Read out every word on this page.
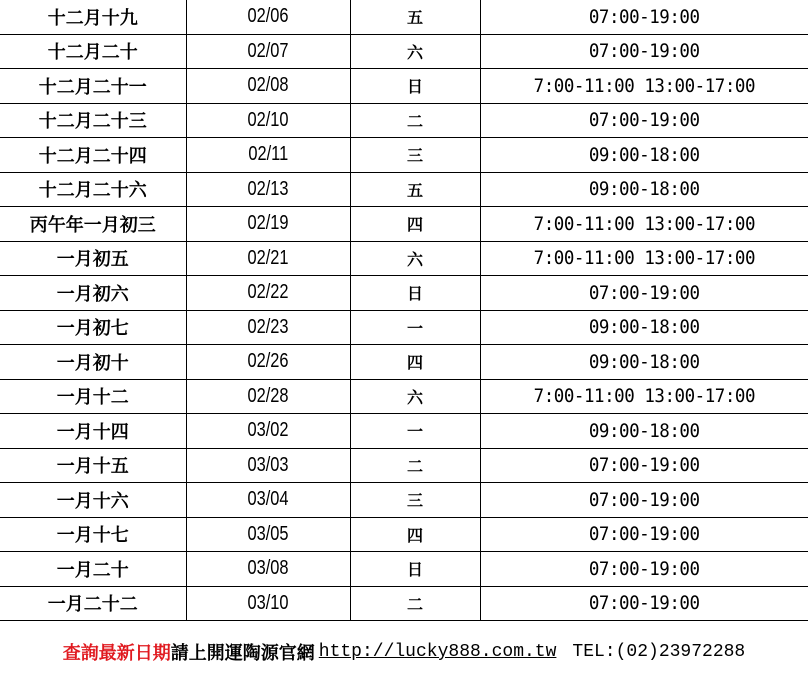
十二月十九	02/06	五	07:00-19:00
十二月二十	02/07	六	07:00-19:00
十二月二十一	02/08	日	7:00-11:00 13:00-17:00
十二月二十三	02/10	二	07:00-19:00
十二月二十四	02/11	三	09:00-18:00
十二月二十六	02/13	五	09:00-18:00
丙午年一月初三	02/19	四	7:00-11:00 13:00-17:00
一月初五	02/21	六	7:00-11:00 13:00-17:00
一月初六	02/22	日	07:00-19:00
一月初七	02/23	一	09:00-18:00
一月初十	02/26	四	09:00-18:00
一月十二	02/28	六	7:00-11:00 13:00-17:00
一月十四	03/02	一	09:00-18:00
一月十五	03/03	二	07:00-19:00
一月十六	03/04	三	07:00-19:00
一月十七	03/05	四	07:00-19:00
一月二十	03/08	日	07:00-19:00
一月二十二	03/10	二	07:00-19:00
查詢最新日期 請上開運陶源官網 http://lucky888.com.tw TEL:(02)23972288
